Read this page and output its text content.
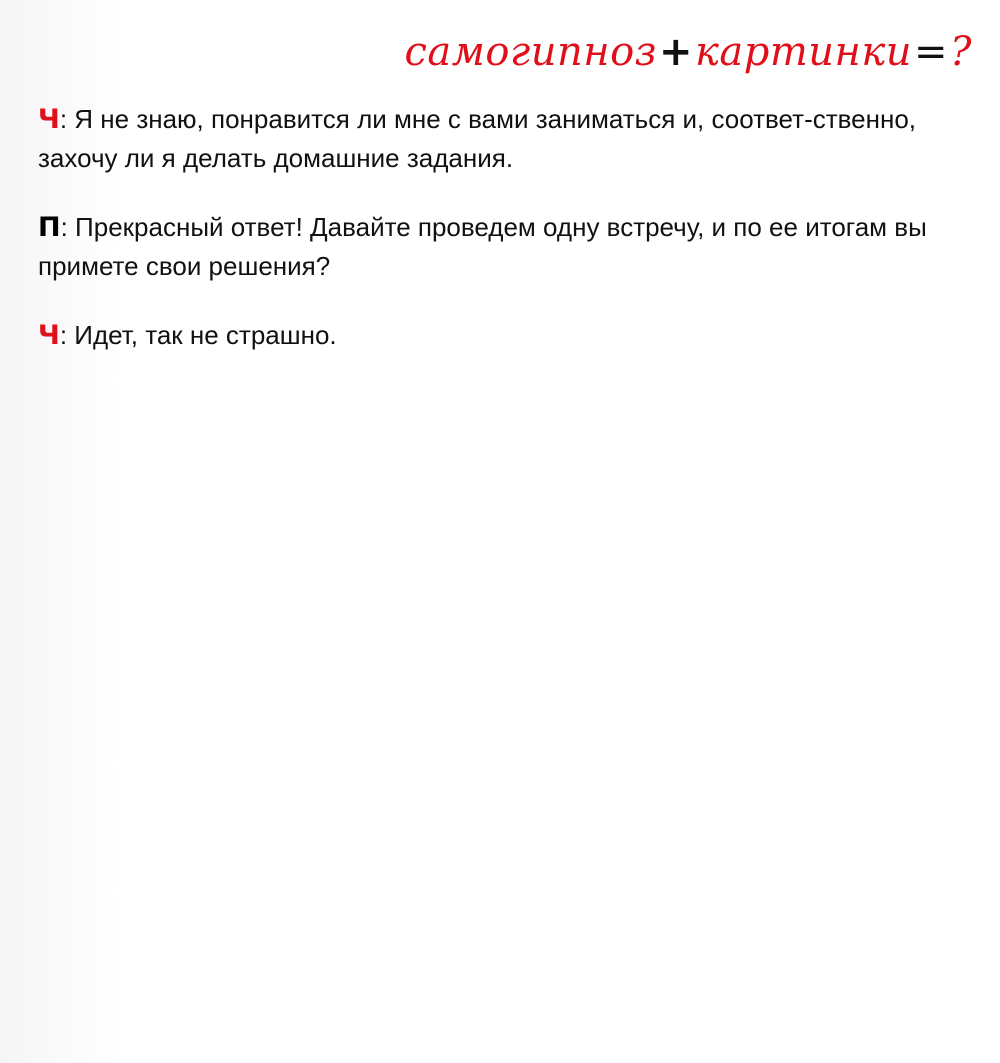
самогипноз+картинки=?

Ч: Я не знаю, понравится ли мне с вами заниматься и, соответ-ственно, захочу ли я делать домашние задания.

П: Прекрасный ответ! Давайте проведем одну встречу, и по ее итогам вы примете свои решения?

Ч: Идет, так не страшно.
